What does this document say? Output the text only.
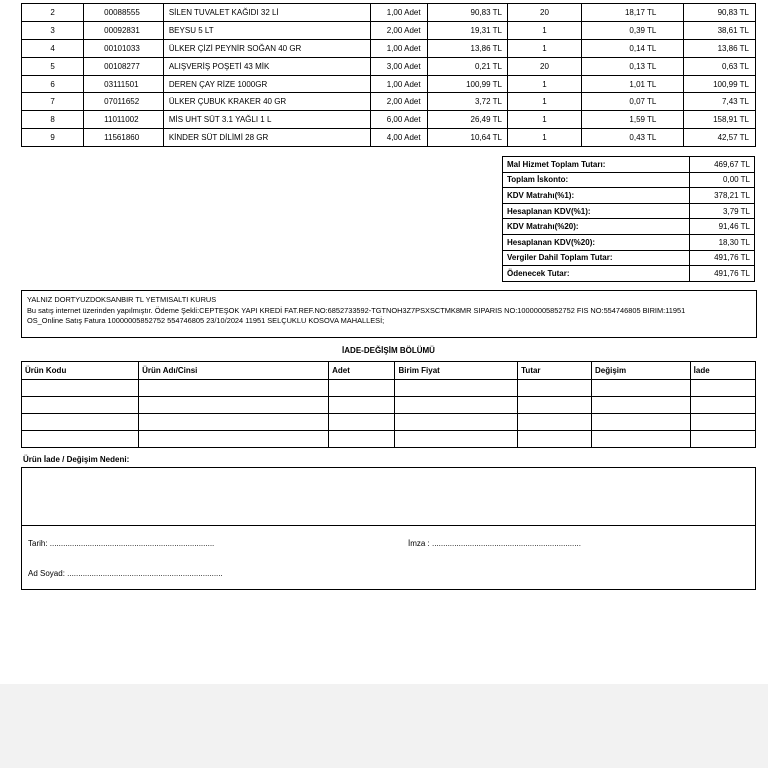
2	00088555	SİLEN TUVALET KAĞIDI 32 Lİ	1,00 Adet	90,83 TL	20	18,17 TL	90,83 TL
3	00092831	BEYSU 5 LT	2,00 Adet	19,31 TL	1	0,39 TL	38,61 TL
4	00101033	ÜLKER ÇİZİ PEYNİR SOĞAN 40 GR	1,00 Adet	13,86 TL	1	0,14 TL	13,86 TL
5	00108277	ALIŞVERİŞ POŞETİ 43 MİK	3,00 Adet	0,21 TL	20	0,13 TL	0,63 TL
6	03111501	DEREN ÇAY RİZE 1000GR	1,00 Adet	100,99 TL	1	1,01 TL	100,99 TL
7	07011652	ÜLKER ÇUBUK KRAKER 40 GR	2,00 Adet	3,72 TL	1	0,07 TL	7,43 TL
8	11011002	MİS UHT SÜT 3.1 YAĞLI 1 L	6,00 Adet	26,49 TL	1	1,59 TL	158,91 TL
9	11561860	KİNDER SÜT DİLİMİ 28 GR	4,00 Adet	10,64 TL	1	0,43 TL	42,57 TL
Mal Hizmet Toplam Tutarı:	469,67 TL
Toplam İskonto:	0,00 TL
KDV Matrahı(%1):	378,21 TL
Hesaplanan KDV(%1):	3,79 TL
KDV Matrahı(%20):	91,46 TL
Hesaplanan KDV(%20):	18,30 TL
Vergiler Dahil Toplam Tutar:	491,76 TL
Ödenecek Tutar:	491,76 TL
YALNIZ DORTYUZDOKSANBIR TL YETMISALTI KURUS
Bu satış internet üzerinden yapılmıştır. Ödeme Şekli:CEPTEŞOK YAPI KREDİ FAT.REF.NO:6852733592-TGTNOH3Z7PSXSCTMK8MR SIPARIS NO:10000005852752 FIS NO:554746805 BIRIM:11951
OS_Online Satış Fatura 10000005852752 554746805 23/10/2024 11951 SELÇUKLU KOSOVA MAHALLESİ;
İADE-DEĞİŞİM BÖLÜMÜ
Ürün Kodu	Ürün Adı/Cinsi	Adet	Birim Fiyat	Tutar	Değişim	İade

Ürün İade / Değişim Nedeni:
Tarih: ..........................................................................	İmza : ...................................................................
Ad Soyad: ......................................................................
